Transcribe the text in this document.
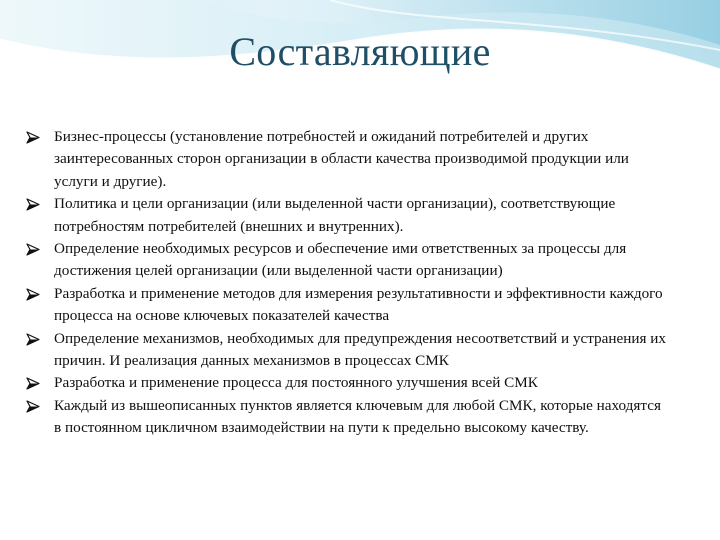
Составляющие
Бизнес-процессы (установление потребностей и ожиданий потребителей и других заинтересованных сторон организации в области качества производимой продукции или услуги и другие).
Политика и цели организации (или выделенной части организации), соответствующие потребностям потребителей (внешних и внутренних).
Определение необходимых ресурсов и обеспечение ими ответственных за процессы для достижения целей организации (или выделенной части организации)
Разработка и применение методов для измерения результативности и эффективности каждого процесса на основе ключевых показателей качества
Определение механизмов, необходимых для предупреждения несоответствий и устранения их причин. И реализация данных механизмов в процессах СМК
Разработка и применение процесса для постоянного улучшения всей СМК
Каждый из вышеописанных пунктов является ключевым для любой СМК, которые находятся в постоянном цикличном взаимодействии на пути к предельно высокому качеству.
